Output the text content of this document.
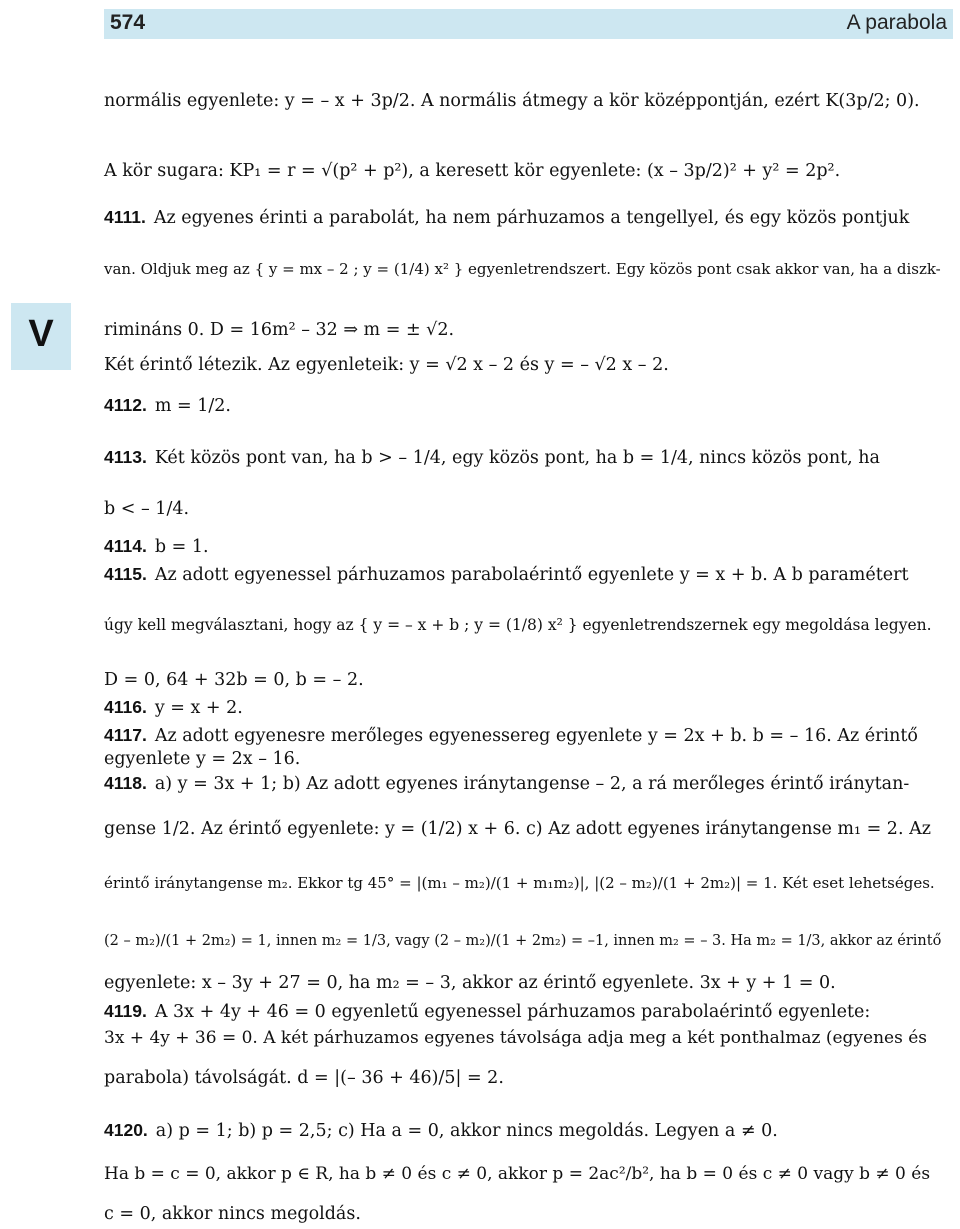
574	A parabola
V
normális egyenlete: y = – x + 3p/2. A normális átmegy a kör középpontján, ezért K(3p/2; 0).
A kör sugara: KP₁ = r = √(p² + p²), a keresett kör egyenlete: (x – 3p/2)² + y² = 2p².
4111. Az egyenes érinti a parabolát, ha nem párhuzamos a tengellyel, és egy közös pontjuk
van. Oldjuk meg az { y = mx – 2 ; y = (1/4) x² } egyenletrendszert. Egy közös pont csak akkor van, ha a diszk-
rimináns 0. D = 16m² – 32 ⇒ m = ± √2.
Két érintő létezik. Az egyenleteik: y = √2 x – 2 és y = – √2 x – 2.
4112. m = 1/2.
4113. Két közös pont van, ha b > – 1/4, egy közös pont, ha b = 1/4, nincs közös pont, ha
b < – 1/4.
4114. b = 1.
4115. Az adott egyenessel párhuzamos parabolaérintő egyenlete y = x + b. A b paramétert
úgy kell megválasztani, hogy az { y = – x + b ; y = (1/8) x² } egyenletrendszernek egy megoldása legyen.
D = 0, 64 + 32b = 0, b = – 2.
4116. y = x + 2.
4117. Az adott egyenesre merőleges egyenessereg egyenlete y = 2x + b. b = – 16. Az érintő
egyenlete y = 2x – 16.
4118. a) y = 3x + 1; b) Az adott egyenes iránytangense – 2, a rá merőleges érintő iránytan-
gense 1/2. Az érintő egyenlete: y = (1/2) x + 6. c) Az adott egyenes iránytangense m₁ = 2. Az
érintő iránytangense m₂. Ekkor tg 45° = |(m₁ – m₂)/(1 + m₁m₂)|, |(2 – m₂)/(1 + 2m₂)| = 1. Két eset lehetséges.
(2 – m₂)/(1 + 2m₂) = 1, innen m₂ = 1/3, vagy (2 – m₂)/(1 + 2m₂) = –1, innen m₂ = – 3. Ha m₂ = 1/3, akkor az érintő
egyenlete: x – 3y + 27 = 0, ha m₂ = – 3, akkor az érintő egyenlete. 3x + y + 1 = 0.
4119. A 3x + 4y + 46 = 0 egyenletű egyenessel párhuzamos parabolaérintő egyenlete:
3x + 4y + 36 = 0. A két párhuzamos egyenes távolsága adja meg a két ponthalmaz (egyenes és
parabola) távolságát. d = |(– 36 + 46)/5| = 2.
4120. a) p = 1; b) p = 2,5; c) Ha a = 0, akkor nincs megoldás. Legyen a ≠ 0.
Ha b = c = 0, akkor p ∈ R, ha b ≠ 0 és c ≠ 0, akkor p = 2ac²/b², ha b = 0 és c ≠ 0 vagy b ≠ 0 és
c = 0, akkor nincs megoldás.
